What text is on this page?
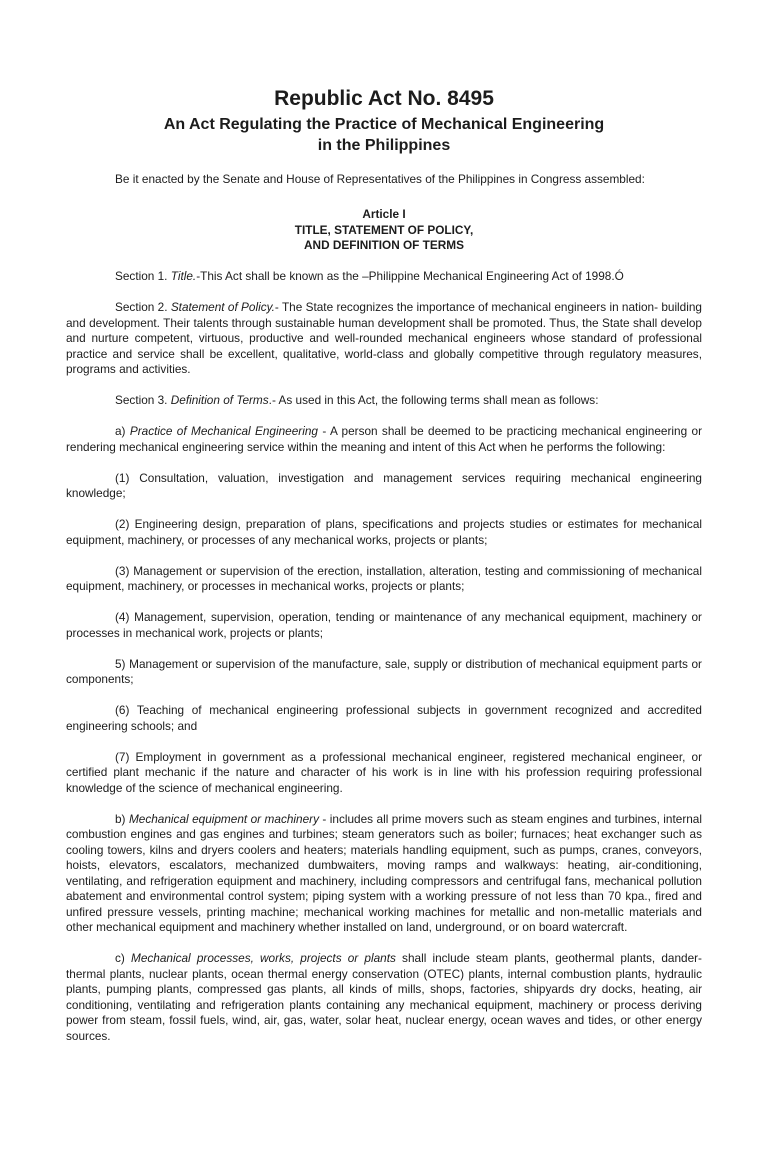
Republic Act No. 8495
An Act Regulating the Practice of Mechanical Engineering
in the Philippines

Be it enacted by the Senate and House of Representatives of the Philippines in Congress assembled:

Article I
TITLE, STATEMENT OF POLICY,
AND DEFINITION OF TERMS

Section 1. Title.-This Act shall be known as the –Philippine Mechanical Engineering Act of 1998.Ó

Section 2. Statement of Policy.- The State recognizes the importance of mechanical engineers in nation- building and development. Their talents through sustainable human development shall be promoted. Thus, the State shall develop and nurture competent, virtuous, productive and well-rounded mechanical engineers whose standard of professional practice and service shall be excellent, qualitative, world-class and globally competitive through regulatory measures, programs and activities.

Section 3. Definition of Terms.- As used in this Act, the following terms shall mean as follows:

a) Practice of Mechanical Engineering - A person shall be deemed to be practicing mechanical engineering or rendering mechanical engineering service within the meaning and intent of this Act when he performs the following:

(1) Consultation, valuation, investigation and management services requiring mechanical engineering knowledge;

(2) Engineering design, preparation of plans, specifications and projects studies or estimates for mechanical equipment, machinery, or processes of any mechanical works, projects or plants;

(3) Management or supervision of the erection, installation, alteration, testing and commissioning of mechanical equipment, machinery, or processes in mechanical works, projects or plants;

(4) Management, supervision, operation, tending or maintenance of any mechanical equipment, machinery or processes in mechanical work, projects or plants;

5) Management or supervision of the manufacture, sale, supply or distribution of mechanical equipment parts or components;

(6) Teaching of mechanical engineering professional subjects in government recognized and accredited engineering schools; and

(7) Employment in government as a professional mechanical engineer, registered mechanical engineer, or certified plant mechanic if the nature and character of his work is in line with his profession requiring professional knowledge of the science of mechanical engineering.

b) Mechanical equipment or machinery - includes all prime movers such as steam engines and turbines, internal combustion engines and gas engines and turbines; steam generators such as boiler; furnaces; heat exchanger such as cooling towers, kilns and dryers coolers and heaters; materials handling equipment, such as pumps, cranes, conveyors, hoists, elevators, escalators, mechanized dumbwaiters, moving ramps and walkways: heating, air-conditioning, ventilating, and refrigeration equipment and machinery, including compressors and centrifugal fans, mechanical pollution abatement and environmental control system; piping system with a working pressure of not less than 70 kpa., fired and unfired pressure vessels, printing machine; mechanical working machines for metallic and non-metallic materials and other mechanical equipment and machinery whether installed on land, underground, or on board watercraft.

c) Mechanical processes, works, projects or plants shall include steam plants, geothermal plants, dander-thermal plants, nuclear plants, ocean thermal energy conservation (OTEC) plants, internal combustion plants, hydraulic plants, pumping plants, compressed gas plants, all kinds of mills, shops, factories, shipyards dry docks, heating, air conditioning, ventilating and refrigeration plants containing any mechanical equipment, machinery or process deriving power from steam, fossil fuels, wind, air, gas, water, solar heat, nuclear energy, ocean waves and tides, or other energy sources.
